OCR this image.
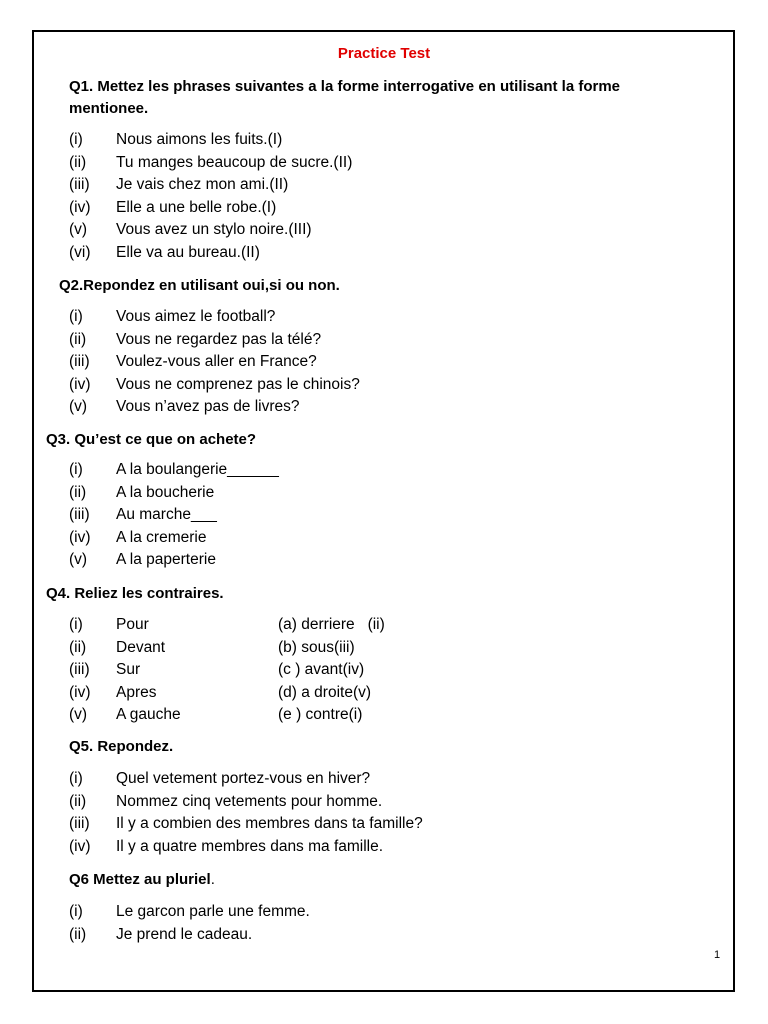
Practice Test
Q1. Mettez les phrases suivantes a la forme interrogative en utilisant la forme
mentionee.
(i)	Nous aimons les fuits.(I)
(ii)	Tu manges beaucoup de sucre.(II)
(iii)	Je vais chez mon ami.(II)
(iv)	Elle a une belle robe.(I)
(v)	Vous avez un stylo noire.(III)
(vi)	Elle va au bureau.(II)
Q2.Repondez en utilisant oui,si ou non.
(i)	Vous aimez le football?
(ii)	Vous ne regardez pas la télé?
(iii)	Voulez-vous aller en France?
(iv)	Vous ne comprenez pas le chinois?
(v)	Vous n’avez pas de livres?
Q3. Qu’est ce que on achete?
(i)	A la boulangerie______
(ii)	A la boucherie
(iii)	Au marche___
(iv)	A la cremerie
(v)	A la paperterie
Q4. Reliez les contraires.
(i)	Pour	(a) derriere   (ii)
(ii)	Devant	(b) sous(iii)
(iii)	Sur	(c ) avant(iv)
(iv)	Apres	(d) a droite(v)
(v)	A gauche	(e ) contre(i)
Q5. Repondez.
(i)	Quel vetement portez-vous en hiver?
(ii)	Nommez cinq vetements pour homme.
(iii)	Il y a combien des membres dans ta famille?
(iv)	Il y a quatre membres dans ma famille.
Q6 Mettez au pluriel.
(i)	Le garcon parle une femme.
(ii)	Je prend le cadeau.
1
